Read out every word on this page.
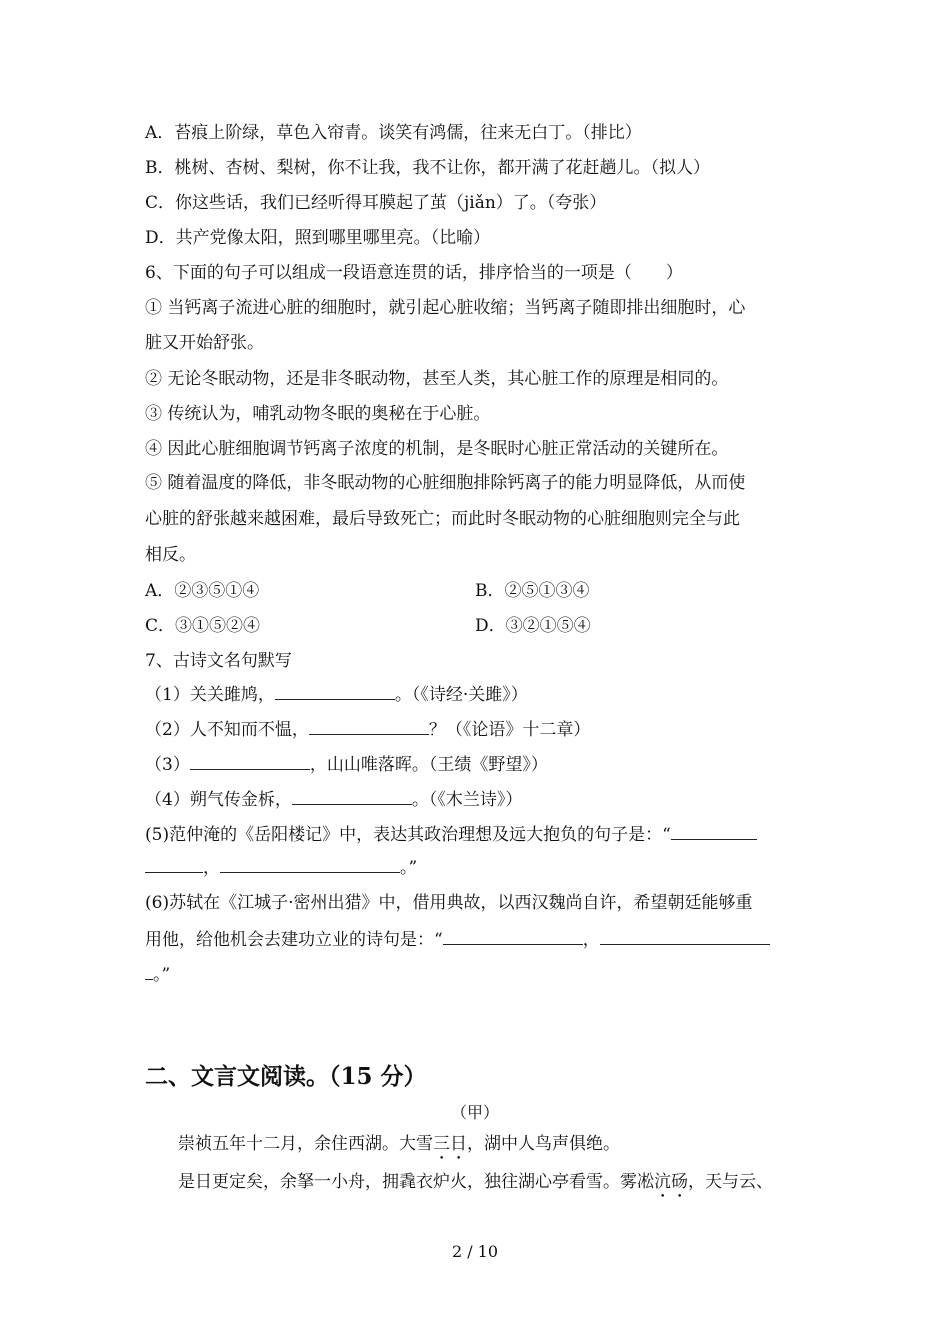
A．苔痕上阶绿，草色入帘青。谈笑有鸿儒，往来无白丁。（排比）
B．桃树、杏树、梨树，你不让我，我不让你，都开满了花赶趟儿。（拟人）
C．你这些话，我们已经听得耳膜起了茧（jiǎn）了。（夸张）
D．共产党像太阳，照到哪里哪里亮。（比喻）
6、下面的句子可以组成一段语意连贯的话，排序恰当的一项是（　　）
① 当钙离子流进心脏的细胞时，就引起心脏收缩；当钙离子随即排出细胞时，心
脏又开始舒张。
② 无论冬眠动物，还是非冬眠动物，甚至人类，其心脏工作的原理是相同的。
③ 传统认为，哺乳动物冬眠的奥秘在于心脏。
④ 因此心脏细胞调节钙离子浓度的机制，是冬眠时心脏正常活动的关键所在。
⑤ 随着温度的降低，非冬眠动物的心脏细胞排除钙离子的能力明显降低，从而使
心脏的舒张越来越困难，最后导致死亡；而此时冬眠动物的心脏细胞则完全与此
相反。
A．②③⑤①④	B．②⑤①③④
C．③①⑤②④	D．③②①⑤④
7、古诗文名句默写
（1）关关雎鸠，	。（《诗经·关雎》）
（2）人不知而不愠，	？（《论语》十二章）
（3）	，山山唯落晖。（王绩《野望》）
（4）朔气传金柝，	。（《木兰诗》）
(5)范仲淹的《岳阳楼记》中，表达其政治理想及远大抱负的句子是：“
，	。”
(6)苏轼在《江城子·密州出猎》中，借用典故，以西汉魏尚自许，希望朝廷能够重
用他，给他机会去建功立业的诗句是：“	，
。”
二、文言文阅读。（15 分）
（甲）
崇祯五年十二月，余住西湖。大雪三日，湖中人鸟声俱绝。
是日更定矣，余拏一小舟，拥毳衣炉火，独往湖心亭看雪。雾凇沆砀，天与云、
2 / 10
